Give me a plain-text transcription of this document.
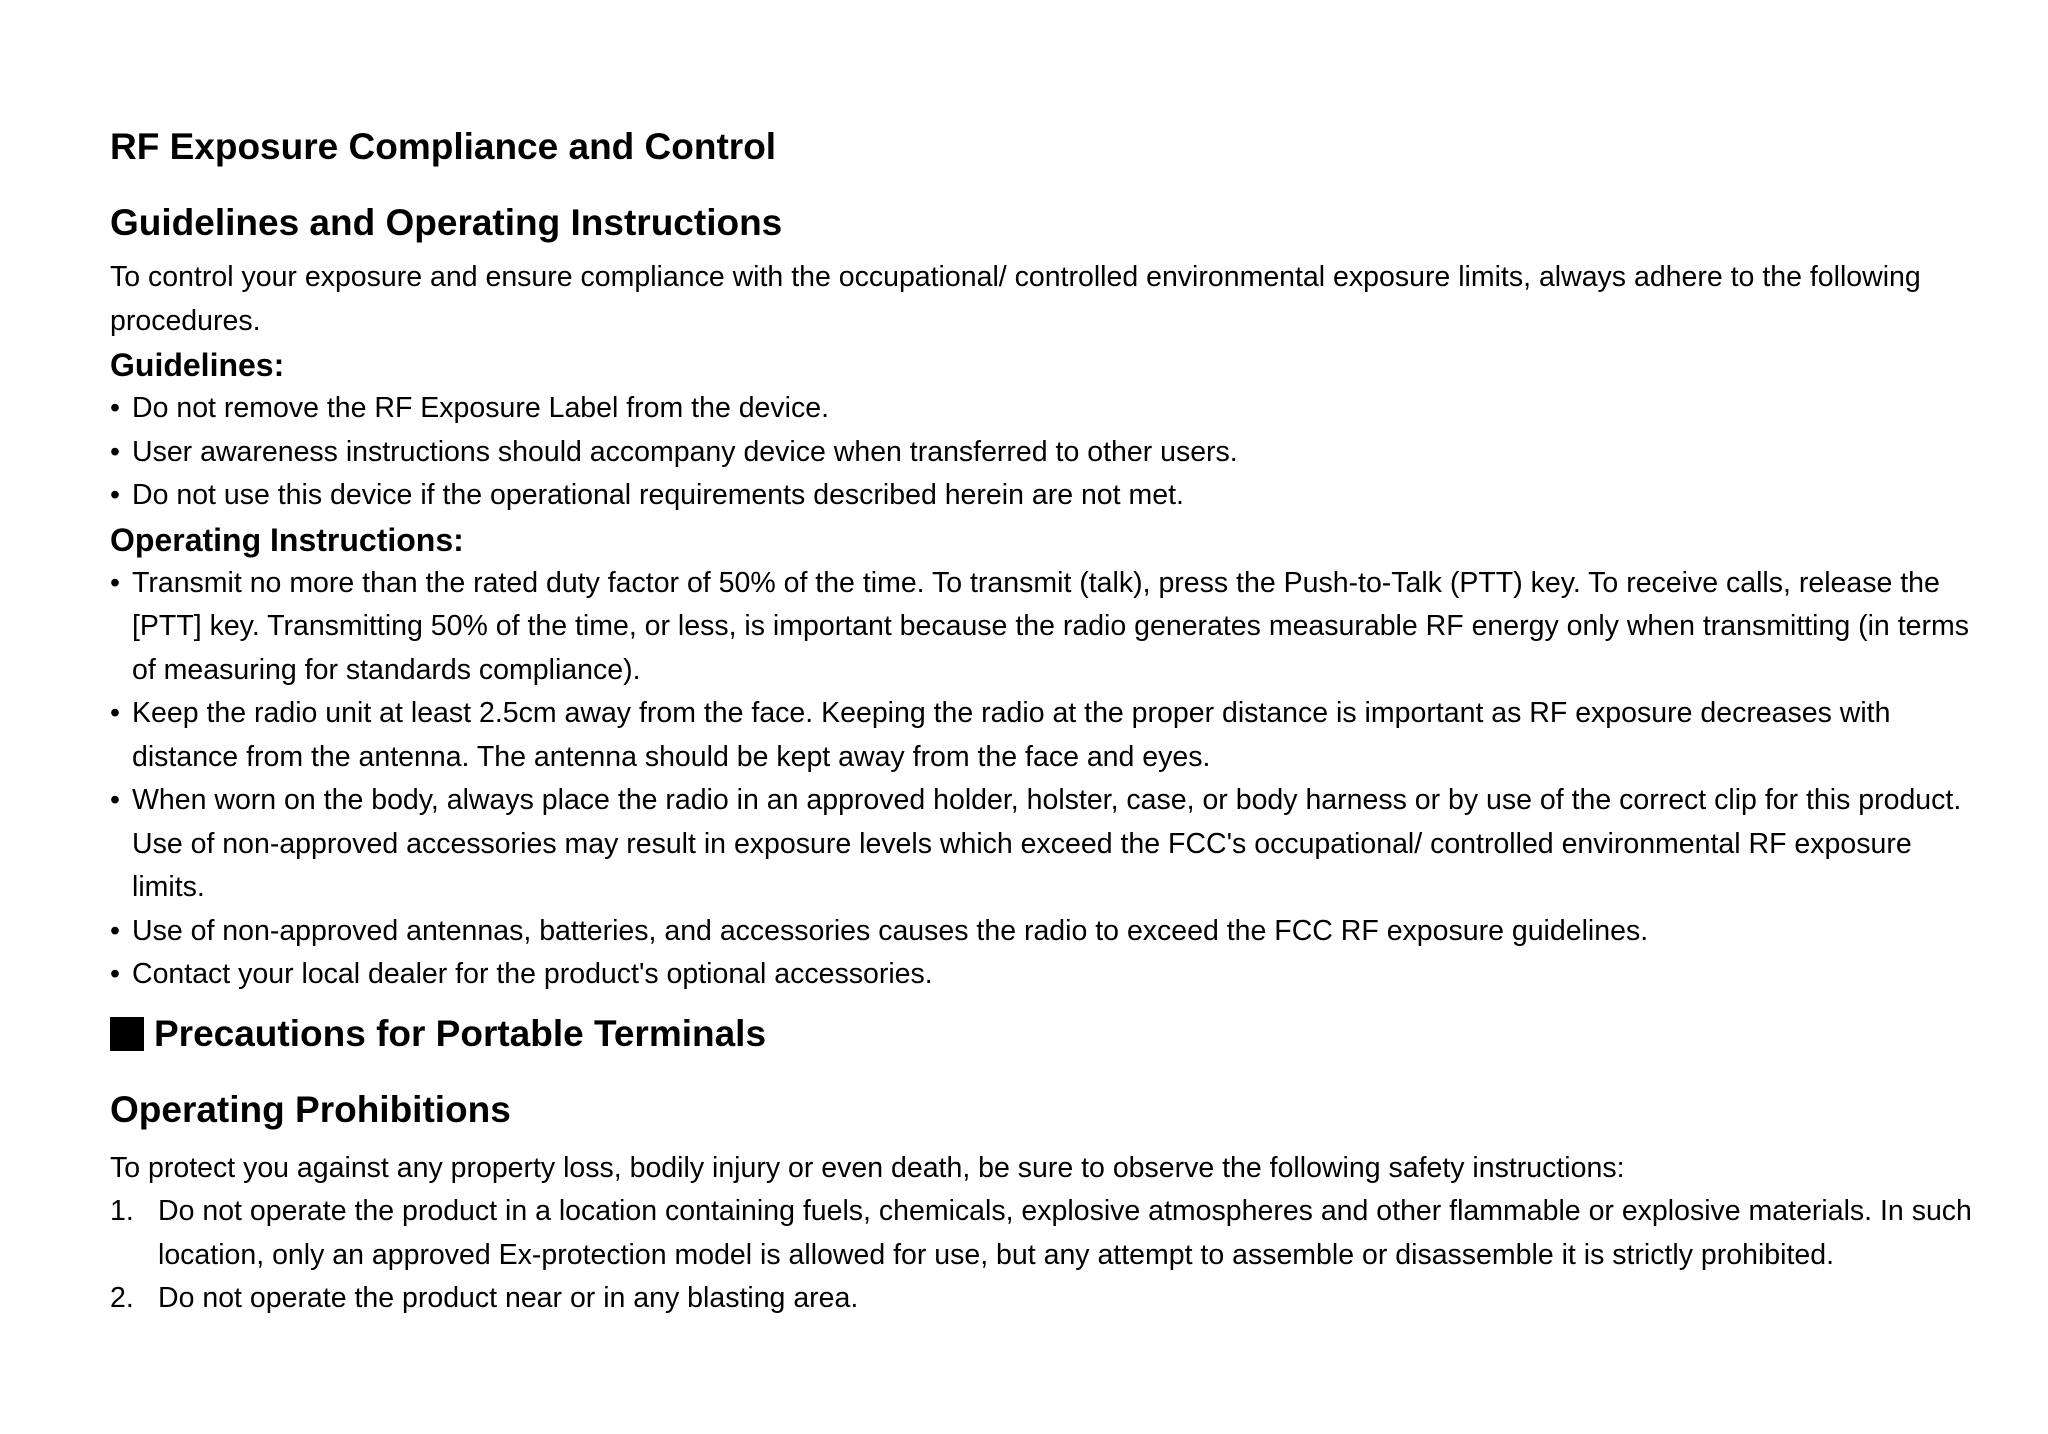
RF Exposure Compliance and Control
Guidelines and Operating Instructions

To control your exposure and ensure compliance with the occupational/ controlled environmental exposure limits, always adhere to the following procedures.

Guidelines:
• Do not remove the RF Exposure Label from the device.
• User awareness instructions should accompany device when transferred to other users.
• Do not use this device if the operational requirements described herein are not met.
Operating Instructions:
• Transmit no more than the rated duty factor of 50% of the time. To transmit (talk), press the Push-to-Talk (PTT) key. To receive calls, release the [PTT] key. Transmitting 50% of the time, or less, is important because the radio generates measurable RF energy only when transmitting (in terms of measuring for standards compliance).
• Keep the radio unit at least 2.5cm away from the face. Keeping the radio at the proper distance is important as RF exposure decreases with distance from the antenna. The antenna should be kept away from the face and eyes.
• When worn on the body, always place the radio in an approved holder, holster, case, or body harness or by use of the correct clip for this product. Use of non-approved accessories may result in exposure levels which exceed the FCC's occupational/ controlled environmental RF exposure limits.
• Use of non-approved antennas, batteries, and accessories causes the radio to exceed the FCC RF exposure guidelines.
• Contact your local dealer for the product's optional accessories.
Precautions for Portable Terminals
Operating Prohibitions

To protect you against any property loss, bodily injury or even death, be sure to observe the following safety instructions:

1. Do not operate the product in a location containing fuels, chemicals, explosive atmospheres and other flammable or explosive materials. In such location, only an approved Ex-protection model is allowed for use, but any attempt to assemble or disassemble it is strictly prohibited.
2. Do not operate the product near or in any blasting area.
